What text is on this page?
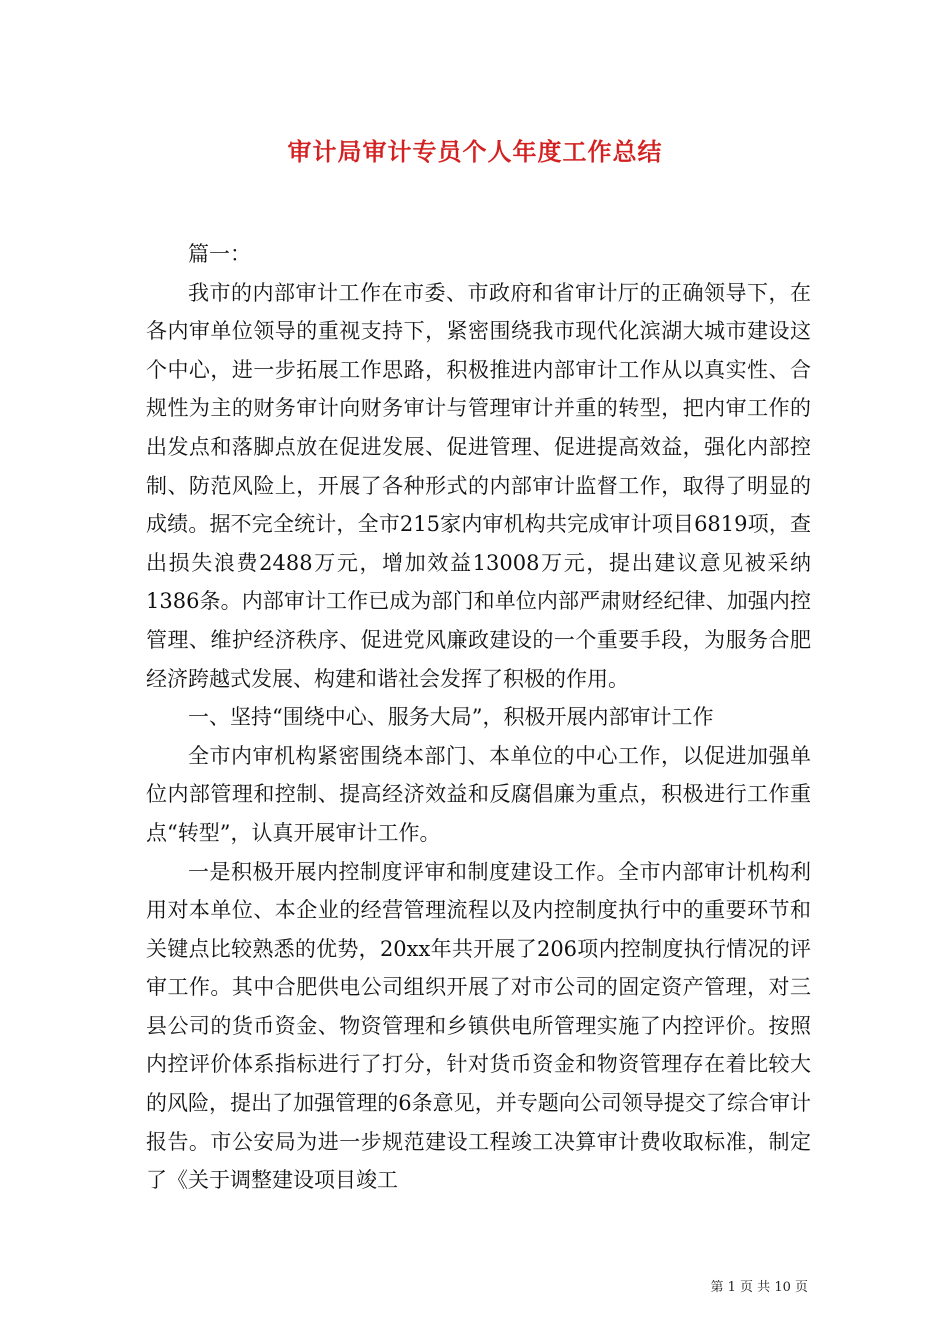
审计局审计专员个人年度工作总结

篇一：

我市的内部审计工作在市委、市政府和省审计厅的正确领导下，在各内审单位领导的重视支持下，紧密围绕我市现代化滨湖大城市建设这个中心，进一步拓展工作思路，积极推进内部审计工作从以真实性、合规性为主的财务审计向财务审计与管理审计并重的转型，把内审工作的出发点和落脚点放在促进发展、促进管理、促进提高效益，强化内部控制、防范风险上，开展了各种形式的内部审计监督工作，取得了明显的成绩。据不完全统计，全市215家内审机构共完成审计项目6819项，查出损失浪费2488万元，增加效益13008万元，提出建议意见被采纳1386条。内部审计工作已成为部门和单位内部严肃财经纪律、加强内控管理、维护经济秩序、促进党风廉政建设的一个重要手段，为服务合肥经济跨越式发展、构建和谐社会发挥了积极的作用。

一、坚持“围绕中心、服务大局”，积极开展内部审计工作

全市内审机构紧密围绕本部门、本单位的中心工作，以促进加强单位内部管理和控制、提高经济效益和反腐倡廉为重点，积极进行工作重点“转型”，认真开展审计工作。

一是积极开展内控制度评审和制度建设工作。全市内部审计机构利用对本单位、本企业的经营管理流程以及内控制度执行中的重要环节和关键点比较熟悉的优势，20xx年共开展了206项内控制度执行情况的评审工作。其中合肥供电公司组织开展了对市公司的固定资产管理，对三县公司的货币资金、物资管理和乡镇供电所管理实施了内控评价。按照内控评价体系指标进行了打分，针对货币资金和物资管理存在着比较大的风险，提出了加强管理的6条意见，并专题向公司领导提交了综合审计报告。市公安局为进一步规范建设工程竣工决算审计费收取标准，制定了《关于调整建设项目竣工

第 1 页 共 10 页
